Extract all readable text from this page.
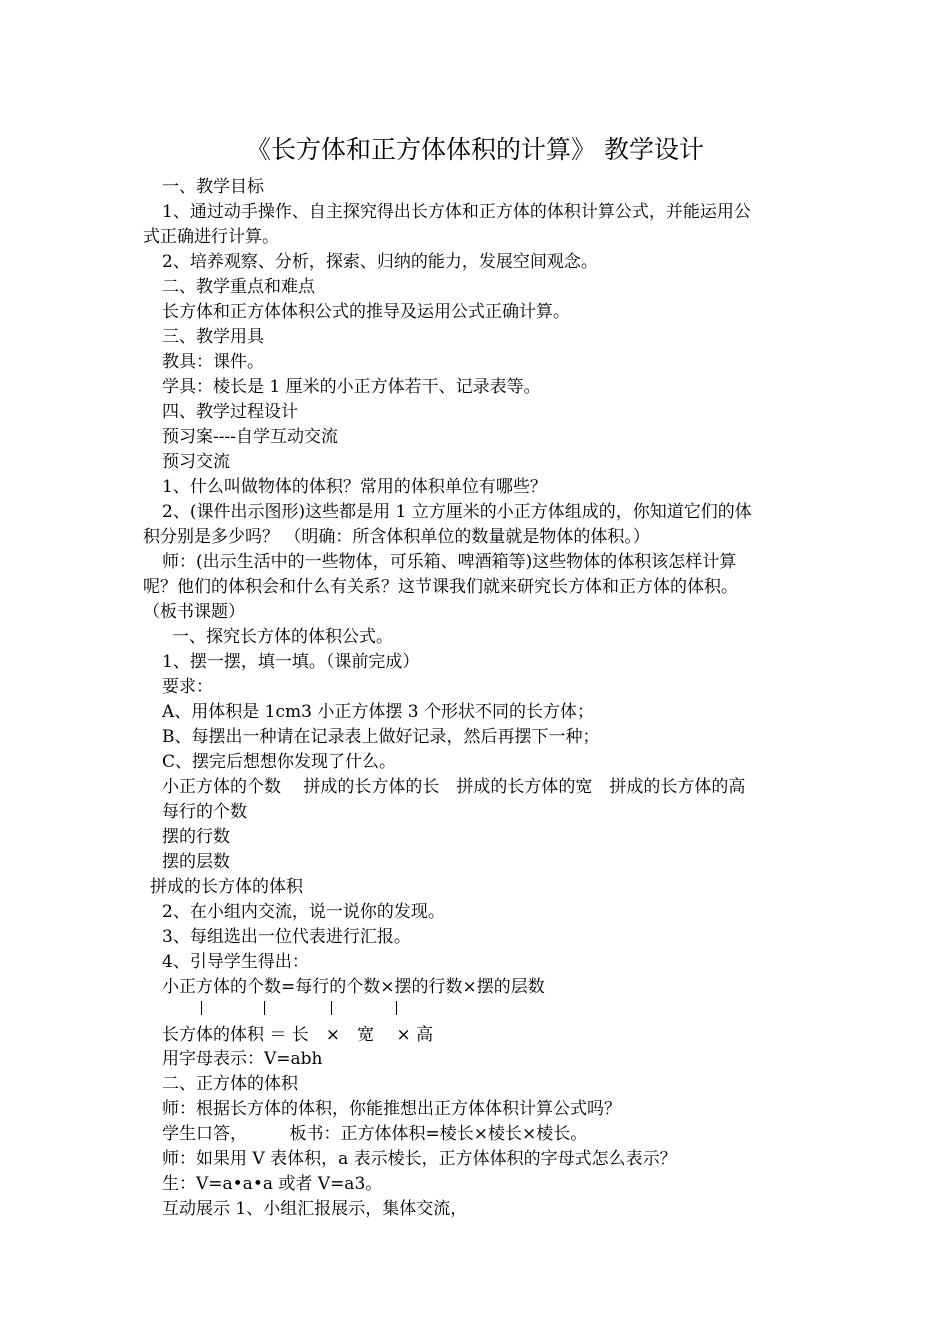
《长方体和正方体体积的计算》 教学设计
一、教学目标
1、通过动手操作、自主探究得出长方体和正方体的体积计算公式，并能运用公
式正确进行计算。
2、培养观察、分析，探索、归纳的能力，发展空间观念。
二、教学重点和难点
长方体和正方体体积公式的推导及运用公式正确计算。
三、教学用具
教具：课件。
学具：棱长是 1 厘米的小正方体若干、记录表等。
四、教学过程设计
预习案----自学互动交流
预习交流
1、什么叫做物体的体积？常用的体积单位有哪些？
2、(课件出示图形)这些都是用 1 立方厘米的小正方体组成的，你知道它们的体
积分别是多少吗？ （明确：所含体积单位的数量就是物体的体积。）
师：(出示生活中的一些物体，可乐箱、啤酒箱等)这些物体的体积该怎样计算
呢？他们的体积会和什么有关系？这节课我们就来研究长方体和正方体的体积。
（板书课题）
一、探究长方体的体积公式。
1、摆一摆，填一填。（课前完成）
要求：
A、用体积是 1cm3 小正方体摆 3 个形状不同的长方体；
B、每摆出一种请在记录表上做好记录，然后再摆下一种；
C、摆完后想想你发现了什么。
小正方体的个数　 拼成的长方体的长　拼成的长方体的宽　拼成的长方体的高
每行的个数
摆的行数
摆的层数
拼成的长方体的体积
2、在小组内交流，说一说你的发现。
3、每组选出一位代表进行汇报。
4、引导学生得出：
小正方体的个数=每行的个数×摆的行数×摆的层数
长方体的体积 ＝ 长　×　宽　 × 高
用字母表示：V=abh
二、正方体的体积
师：根据长方体的体积，你能推想出正方体体积计算公式吗？
学生口答，　　　板书：正方体体积=棱长×棱长×棱长。
师：如果用 V 表体积，a 表示棱长，正方体体积的字母式怎么表示？
生：V=a•a•a 或者 V=a3。
互动展示 1、小组汇报展示，集体交流，
